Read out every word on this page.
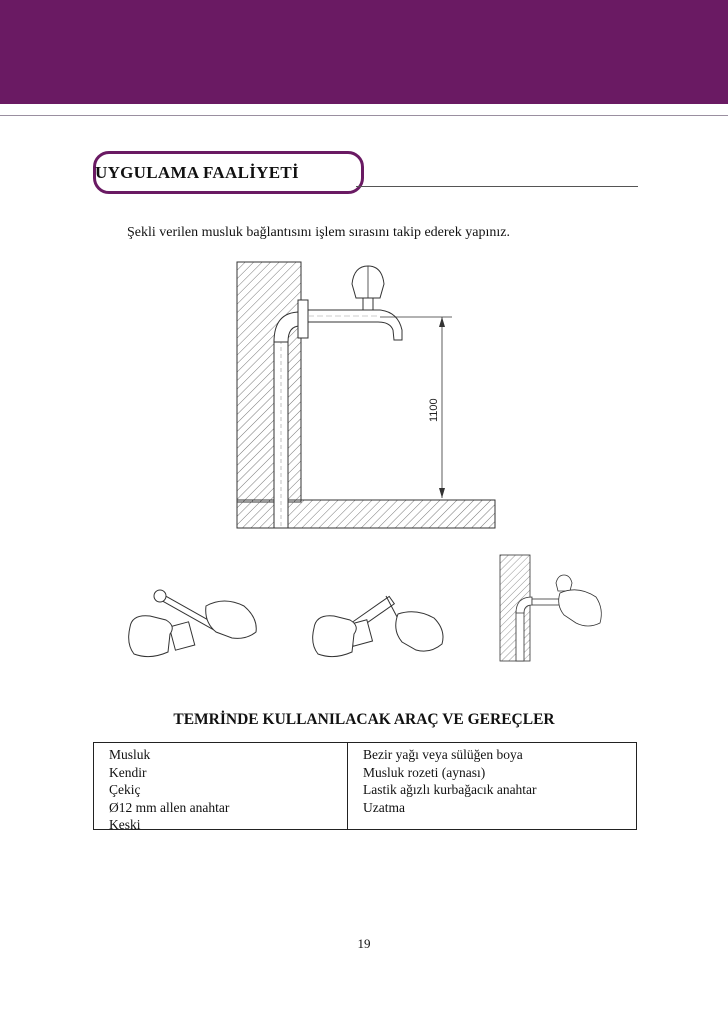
UYGULAMA FAALİYETİ
Şekli verilen musluk bağlantısını işlem sırasını takip ederek yapınız.
1100
TEMRİNDE KULLANILACAK ARAÇ VE GEREÇLER
Musluk
Kendir
Çekiç
Ø12 mm allen anahtar
Keski
Bezir yağı veya sülüğen boya
Musluk rozeti (aynası)
Lastik ağızlı kurbağacık anahtar
Uzatma
19
